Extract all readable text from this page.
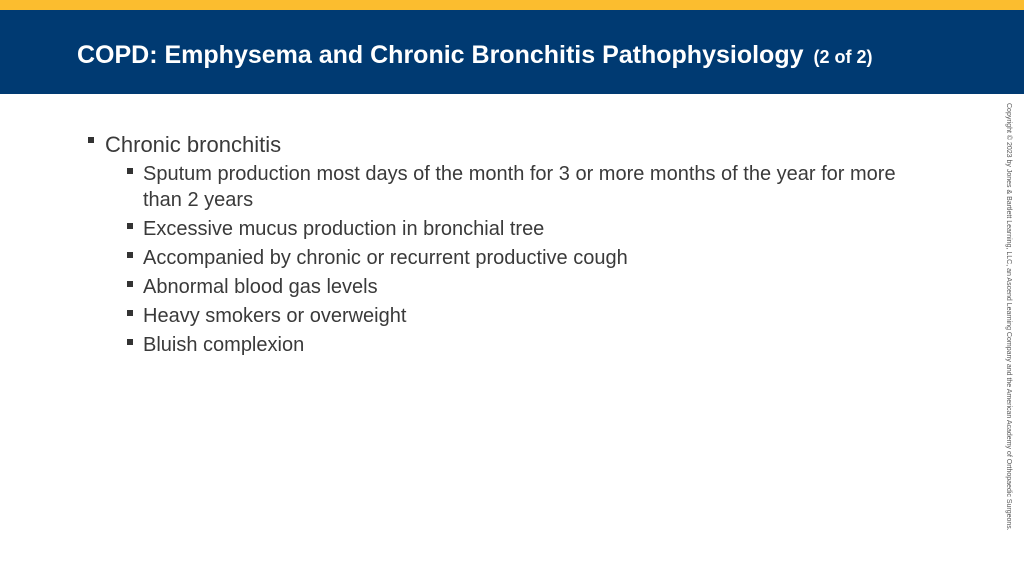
COPD: Emphysema and Chronic Bronchitis Pathophysiology (2 of 2)
Chronic bronchitis
Sputum production most days of the month for 3 or more months of the year for more than 2 years
Excessive mucus production in bronchial tree
Accompanied by chronic or recurrent productive cough
Abnormal blood gas levels
Heavy smokers or overweight
Bluish complexion	Copyright © 2023 by Jones & Bartlett Learning, LLC, an Ascend Learning Company and the American Academy of Orthopaedic Surgeons.
